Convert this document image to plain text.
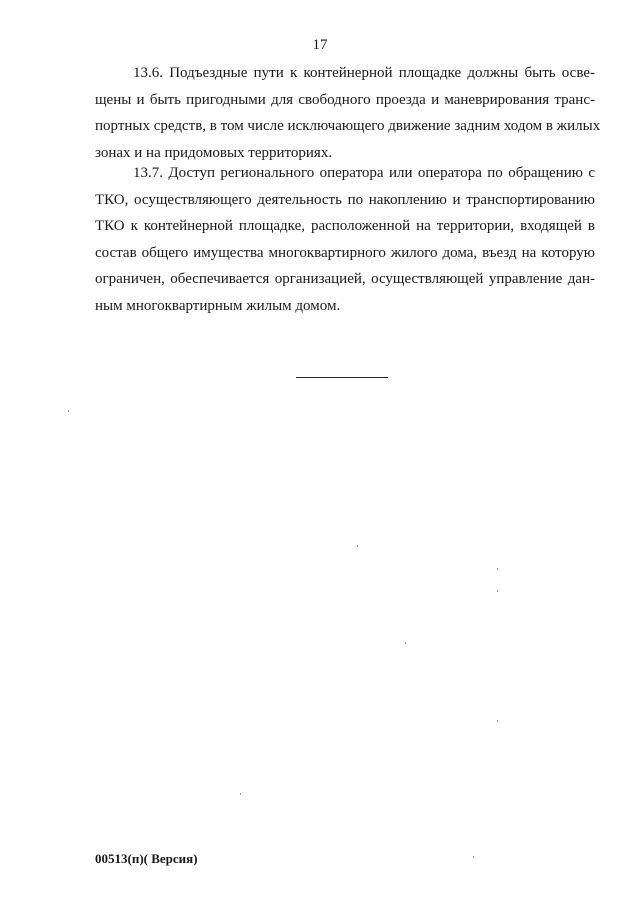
17
13.6. Подъездные пути к контейнерной площадке должны быть осве-
щены и быть пригодными для свободного проезда и маневрирования транс-
портных средств, в том числе исключающего движение задним ходом в жилых
зонах и на придомовых территориях.
13.7. Доступ регионального оператора или оператора по обращению с
ТКО, осуществляющего деятельность по накоплению и транспортированию
ТКО к контейнерной площадке, расположенной на территории, входящей в
состав общего имущества многоквартирного жилого дома, въезд на которую
ограничен, обеспечивается организацией, осуществляющей управление дан-
ным многоквартирным жилым домом.
00513(п)( Версия)
